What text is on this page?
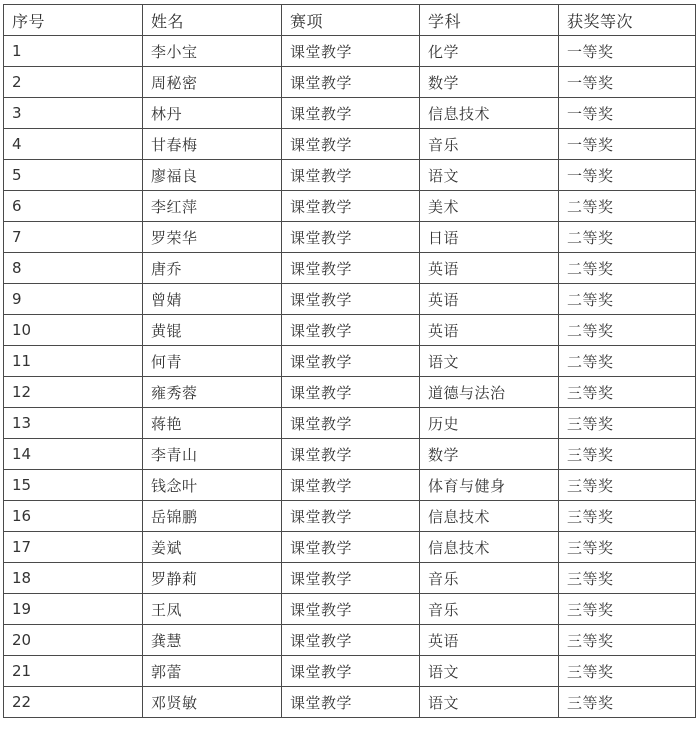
序号	姓名	赛项	学科	获奖等次
1	李小宝	课堂教学	化学	一等奖
2	周秘密	课堂教学	数学	一等奖
3	林丹	课堂教学	信息技术	一等奖
4	甘春梅	课堂教学	音乐	一等奖
5	廖福良	课堂教学	语文	一等奖
6	李红萍	课堂教学	美术	二等奖
7	罗荣华	课堂教学	日语	二等奖
8	唐乔	课堂教学	英语	二等奖
9	曾婧	课堂教学	英语	二等奖
10	黄锟	课堂教学	英语	二等奖
11	何青	课堂教学	语文	二等奖
12	雍秀蓉	课堂教学	道德与法治	三等奖
13	蒋艳	课堂教学	历史	三等奖
14	李青山	课堂教学	数学	三等奖
15	钱念叶	课堂教学	体育与健身	三等奖
16	岳锦鹏	课堂教学	信息技术	三等奖
17	姜斌	课堂教学	信息技术	三等奖
18	罗静莉	课堂教学	音乐	三等奖
19	王凤	课堂教学	音乐	三等奖
20	龚慧	课堂教学	英语	三等奖
21	郭蕾	课堂教学	语文	三等奖
22	邓贤敏	课堂教学	语文	三等奖
